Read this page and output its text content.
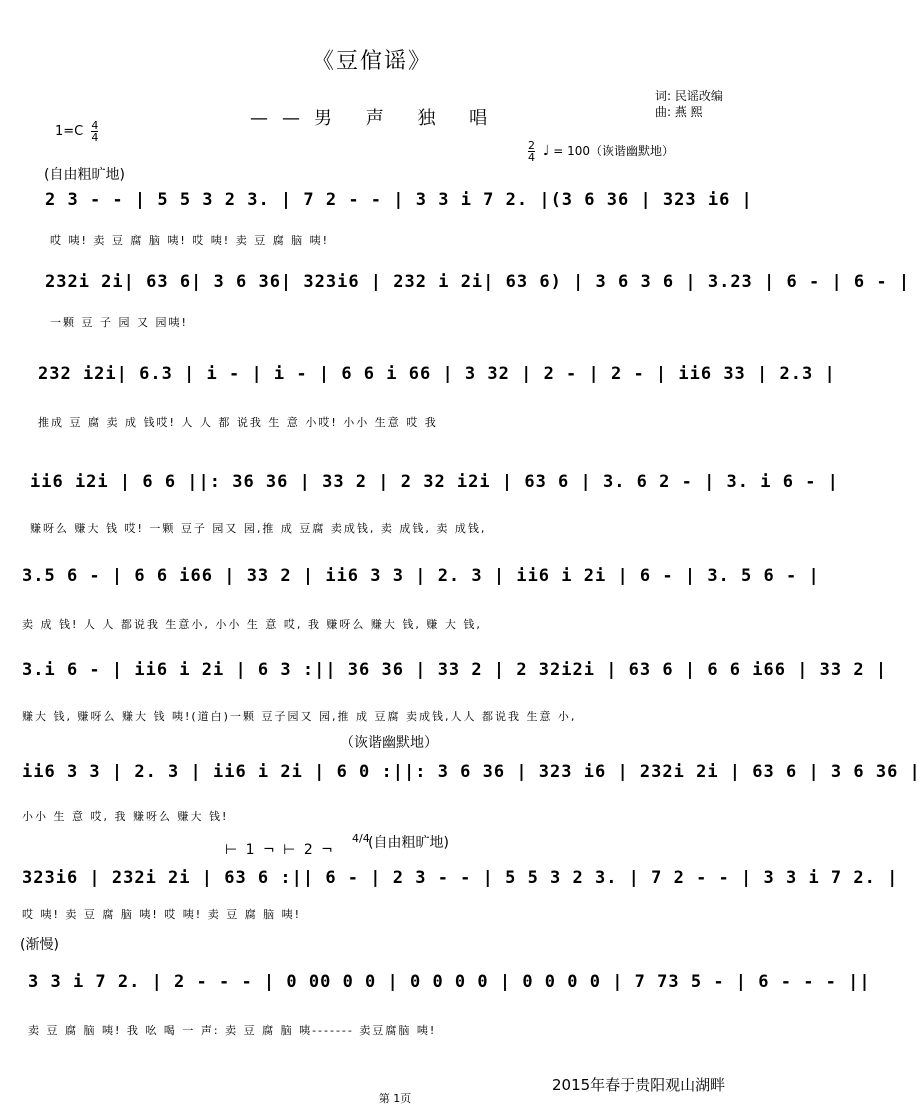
《豆倌谣》
——男 声 独 唱
词: 民谣改编
曲: 燕 熙
$1=C \frac{4}{4}$
$\frac{2}{4}$ ♩ = 100（诙谐幽默地）
(自由粗旷地)
（诙谐幽默地）
⊢ 1 ¬ ⊢ 2 ¬
4/4
(自由粗旷地)
(渐慢)
2 3 - - | 5 5 3 2 3. | 7 2 - - | 3 3 i 7 2. |(3 6 36 | 323 i6 |
哎 咦! 卖 豆 腐 脑 咦! 哎 咦! 卖 豆 腐 脑 咦!
232i 2i| 63 6| 3 6 36| 323i6 | 232 i 2i| 63 6) | 3 6 3 6 | 3.23 | 6 - | 6 - |
一颗 豆 子 园 又 园咦!
232 i2i| 6.3 | i - | i - | 6 6 i 66 | 3 32 | 2 - | 2 - | ii6 33 | 2.3 |
推成 豆 腐 卖 成 钱哎! 人 人 都 说我 生 意 小哎! 小小 生意 哎 我
ii6 i2i | 6 6 ||: 36 36 | 33 2 | 2 32 i2i | 63 6 | 3. 6 2 - | 3. i 6 - |
赚呀么 赚大 钱 哎! 一颗 豆子 园又 园,推 成 豆腐 卖成钱, 卖 成钱, 卖 成钱,
3.5 6 - | 6 6 i66 | 33 2 | ii6 3 3 | 2. 3 | ii6 i 2i | 6 - | 3. 5 6 - |
卖 成 钱! 人 人 都说我 生意小, 小小 生 意 哎, 我 赚呀么 赚大 钱, 赚 大 钱,
3.i 6 - | ii6 i 2i | 6 3 :|| 36 36 | 33 2 | 2 32i2i | 63 6 | 6 6 i66 | 33 2 |
赚大 钱, 赚呀么 赚大 钱 咦!(道白)一颗 豆子园又 园,推 成 豆腐 卖成钱,人人 都说我 生意 小,
ii6 3 3 | 2. 3 | ii6 i 2i | 6 0 :||: 3 6 36 | 323 i6 | 232i 2i | 63 6 | 3 6 36 |
小小 生 意 哎, 我 赚呀么 赚大 钱!
323i6 | 232i 2i | 63 6 :|| 6 - | 2 3 - - | 5 5 3 2 3. | 7 2 - - | 3 3 i 7 2. |
哎 咦! 卖 豆 腐 脑 咦! 哎 咦! 卖 豆 腐 脑 咦!
3 3 i 7 2. | 2 - - - | 0 00 0 0 | 0 0 0 0 | 0 0 0 0 | 7 73 5 - | 6 - - - ||
卖 豆 腐 脑 咦! 我 吆 喝 一 声: 卖 豆 腐 脑 咦------- 卖豆腐脑 咦!
2015年春于贵阳观山湖畔
第 1页
